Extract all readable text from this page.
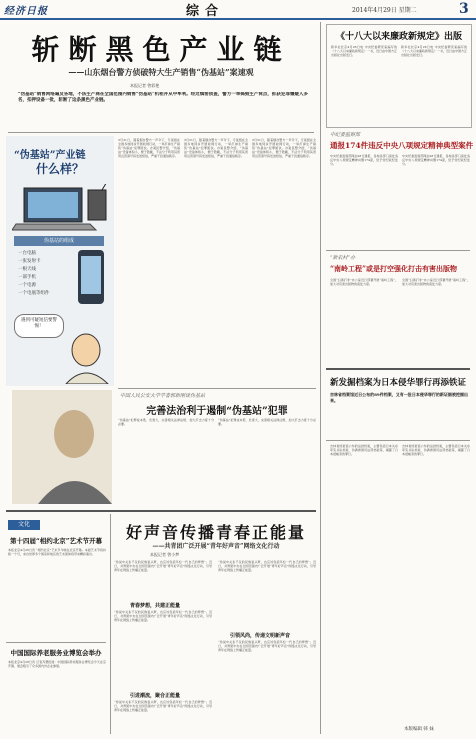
经济日报	综合	2014年4月29日 星期二	3
斩断黑色产业链
——山东烟台警方侦破特大生产销售“伪基站”案速观
本报记者 曾彩艳
“伪基站”销售网络遍及各地，不法生产商在全国范围内销售“伪基站”机柜并从中牟利。经过缜密侦查，警方一举捣毁生产窝点，抓获犯罪嫌疑人多名，扣押设备一批，斩断了这条黑色产业链。
“伪基站”产业链
什么样？
伪基站的组成
一台电脑
一张发射卡
一根天线
一部手机
一个电源
一个电瓶等组件
遇到可疑短信要警惕！
3月31日，随着烟台警方一声令下，专案组在全国多地同步开展收网行动，一举打掉生产销售“伪基站”犯罪团伙。办案民警介绍，“伪基站”设备体积小，便于隐藏，不法分子利用其冒用运营商号码发送短信，严重干扰通信秩序。
3月31日，随着烟台警方一声令下，专案组在全国多地同步开展收网行动，一举打掉生产销售“伪基站”犯罪团伙。办案民警介绍，“伪基站”设备体积小，便于隐藏，不法分子利用其冒用运营商号码发送短信，严重干扰通信秩序。
3月31日，随着烟台警方一声令下，专案组在全国多地同步开展收网行动，一举打掉生产销售“伪基站”犯罪团伙。办案民警介绍，“伪基站”设备体积小，便于隐藏，不法分子利用其冒用运营商号码发送短信，严重干扰通信秩序。
中国人民公安大学学者郭新刚谈伪基站
完善法治利于遏制“伪基站”犯罪
“伪基站”犯罪成本低、危害大，完善相关法律法规、加大打击力度十分必要。
“伪基站”犯罪成本低、危害大，完善相关法律法规、加大打击力度十分必要。
文化
第十四届“相约北京”艺术节开幕
本报北京4月28日讯 “相约北京”艺术节今晚在北京开幕。本届艺术节将持续一个月，来自世界多个国家和地区的艺术团体将带来精彩演出。
中国国际养老服务业博览会举办
本报北京4月28日讯 记者齐慧报道：中国国际养老服务业博览会今天在京开幕，展会吸引了众多国内外企业参展。
好声音传播青春正能量
——共青团广泛开展“青年好声音”网络文化行动
本报记者 曾小梦
“你说中关系不仅的民族复兴梦，也应该包括年轻一代自己的梦想”。近日，共青团中央在全国范围内广泛开展“青年好声音”网络文化行动，引导青年在网络上传播正能量。
青春梦想，共建正能量
“你说中关系不仅的民族复兴梦，也应该包括年轻一代自己的梦想”。近日，共青团中央在全国范围内广泛开展“青年好声音”网络文化行动，引导青年在网络上传播正能量。
引进潮流，聚合正能量
“你说中关系不仅的民族复兴梦，也应该包括年轻一代自己的梦想”。近日，共青团中央在全国范围内广泛开展“青年好声音”网络文化行动，引导青年在网络上传播正能量。
“你说中关系不仅的民族复兴梦，也应该包括年轻一代自己的梦想”。近日，共青团中央在全国范围内广泛开展“青年好声音”网络文化行动，引导青年在网络上传播正能量。
引领风尚，传递文明新声音
“你说中关系不仅的民族复兴梦，也应该包括年轻一代自己的梦想”。近日，共青团中央在全国范围内广泛开展“青年好声音”网络文化行动，引导青年在网络上传播正能量。
《十八大以来廉政新规定》出版
新华社北京4月28日电 中央纪委研究室编写的《十八大以来廉政新规定》一书，近日由中国方正出版社出版发行。
新华社北京4月28日电 中央纪委研究室编写的《十八大以来廉政新规定》一书，近日由中国方正出版社出版发行。
中纪委监察部
通报174件违反中央八项规定精神典型案件
中央纪委监察部网站28日通报，各地各部门查处违反中央八项规定精神问题174起，给予党纪政纪处分。
中央纪委监察部网站28日通报，各地各部门查处违反中央八项规定精神问题174起，给予党纪政纪处分。
“新农村”办
“南岭工程”或是打空强化打击有害出版物
全国“扫黄打非”办公室近日部署开展“南岭工程”，加大对有害出版物的查处力度。
全国“扫黄打非”办公室近日部署开展“南岭工程”，加大对有害出版物的查处力度。
新发掘档案为日本侵华罪行再添铁证
吉林省档案馆近日公布的89件档案，又有一批日本侵华罪行的新证据被挖掘出来。
吉林省档案馆公布的这批档案，主要包括日本关东军宪兵队档案、伪满洲国司法部档案等，揭露了日本侵略者的罪行。
吉林省档案馆公布的这批档案，主要包括日本关东军宪兵队档案、伪满洲国司法部档案等，揭露了日本侵略者的罪行。
本版编辑 韩 妹
